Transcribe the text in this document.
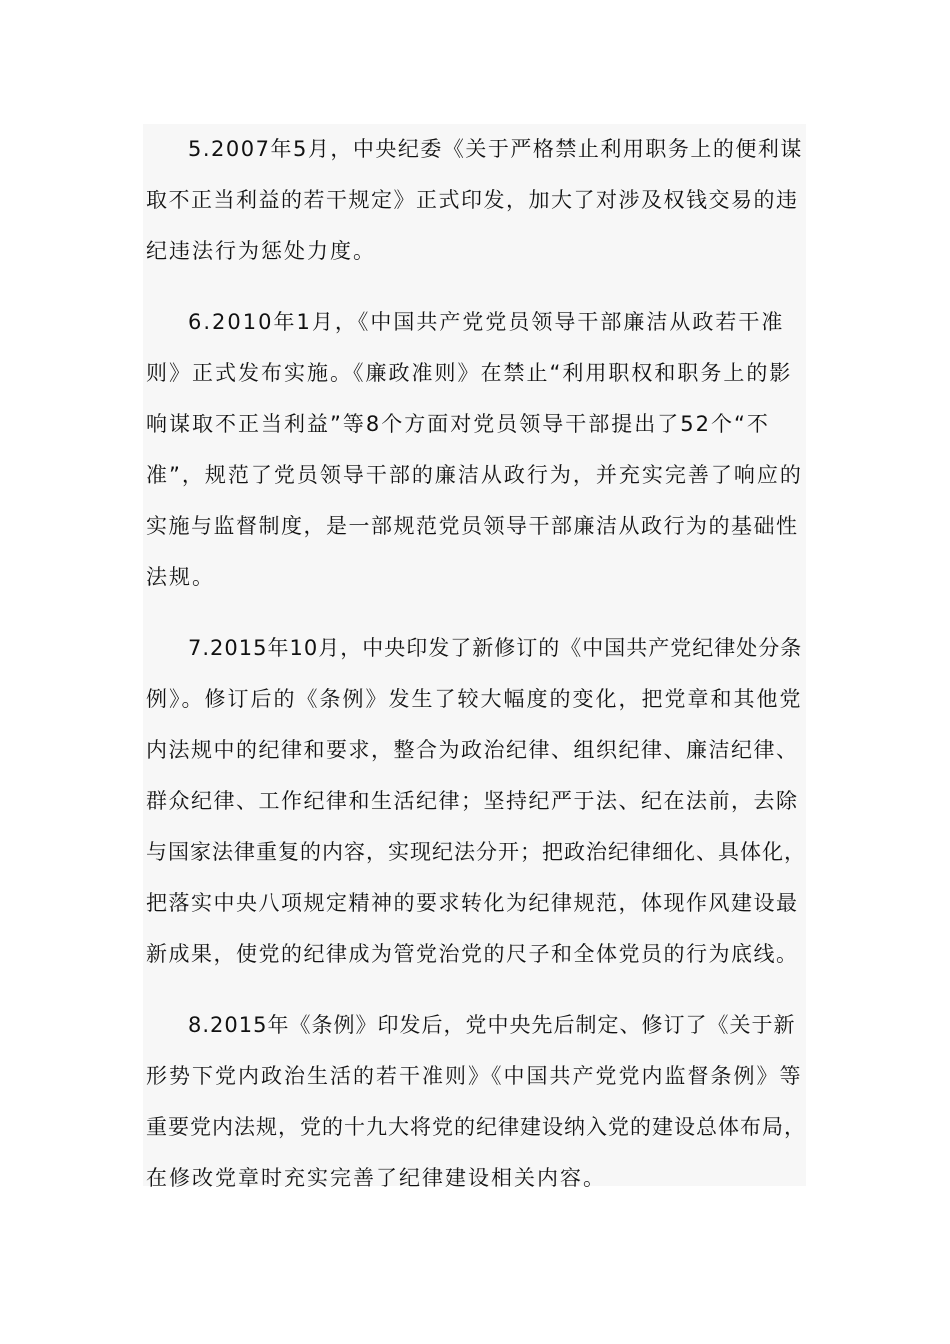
5.2007年5月，中央纪委《关于严格禁止利用职务上的便利谋
取不正当利益的若干规定》正式印发，加大了对涉及权钱交易的违
纪违法行为惩处力度。
6.2010年1月，《中国共产党党员领导干部廉洁从政若干准
则》正式发布实施。《廉政准则》在禁止“利用职权和职务上的影
响谋取不正当利益”等8个方面对党员领导干部提出了52个“不
准”，规范了党员领导干部的廉洁从政行为，并充实完善了响应的
实施与监督制度，是一部规范党员领导干部廉洁从政行为的基础性
法规。
7.2015年10月，中央印发了新修订的《中国共产党纪律处分条
例》。修订后的《条例》发生了较大幅度的变化，把党章和其他党
内法规中的纪律和要求，整合为政治纪律、组织纪律、廉洁纪律、
群众纪律、工作纪律和生活纪律；坚持纪严于法、纪在法前，去除
与国家法律重复的内容，实现纪法分开；把政治纪律细化、具体化，
把落实中央八项规定精神的要求转化为纪律规范，体现作风建设最
新成果，使党的纪律成为管党治党的尺子和全体党员的行为底线。
8.2015年《条例》印发后，党中央先后制定、修订了《关于新
形势下党内政治生活的若干准则》《中国共产党党内监督条例》等
重要党内法规，党的十九大将党的纪律建设纳入党的建设总体布局，
在修改党章时充实完善了纪律建设相关内容。
